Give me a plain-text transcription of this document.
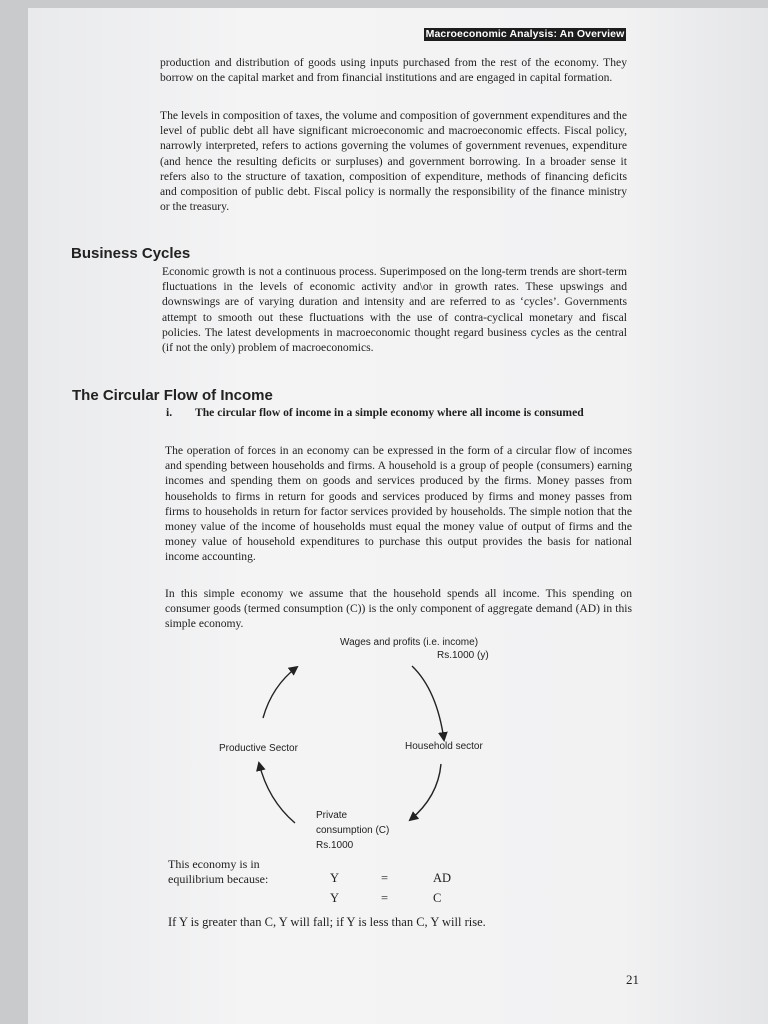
Macroeconomic Analysis: An Overview

production and distribution of goods using inputs purchased from the rest of the economy. They borrow on the capital market and from financial institutions and are engaged in capital formation.

The levels in composition of taxes, the volume and composition of government expenditures and the level of public debt all have significant microeconomic and macroeconomic effects. Fiscal policy, narrowly interpreted, refers to actions governing the volumes of government revenues, expenditure (and hence the resulting deficits or surpluses) and government borrowing. In a broader sense it refers also to the structure of taxation, composition of expenditure, methods of financing deficits and composition of public debt. Fiscal policy is normally the responsibility of the finance ministry or the treasury.

Business Cycles

Economic growth is not a continuous process. Superimposed on the long-term trends are short-term fluctuations in the levels of economic activity and\or in growth rates. These upswings and downswings are of varying duration and intensity and are referred to as ‘cycles’. Governments attempt to smooth out these fluctuations with the use of contra-cyclical monetary and fiscal policies. The latest developments in macroeconomic thought regard business cycles as the central (if not the only) problem of macroeconomics.

The Circular Flow of Income
i. The circular flow of income in a simple economy where all income is consumed

The operation of forces in an economy can be expressed in the form of a circular flow of incomes and spending between households and firms. A household is a group of people (consumers) earning incomes and spending them on goods and services produced by the firms. Money passes from households to firms in return for goods and services produced by firms and money passes from firms to households in return for factor services provided by households. The simple notion that the money value of the income of households must equal the money value of output of firms and the money value of household expenditures to purchase this output provides the basis for national income accounting.

In this simple economy we assume that the household spends all income. This spending on consumer goods (termed consumption (C)) is the only component of aggregate demand (AD) in this simple economy.

Wages and profits (i.e. income)
Rs.1000 (y)
Productive Sector	Household sector
Private
consumption (C)
Rs.1000
This economy is in
equilibrium because:	Y	=	AD
Y	=	C
If Y is greater than C, Y will fall; if Y is less than C, Y will rise.
21
